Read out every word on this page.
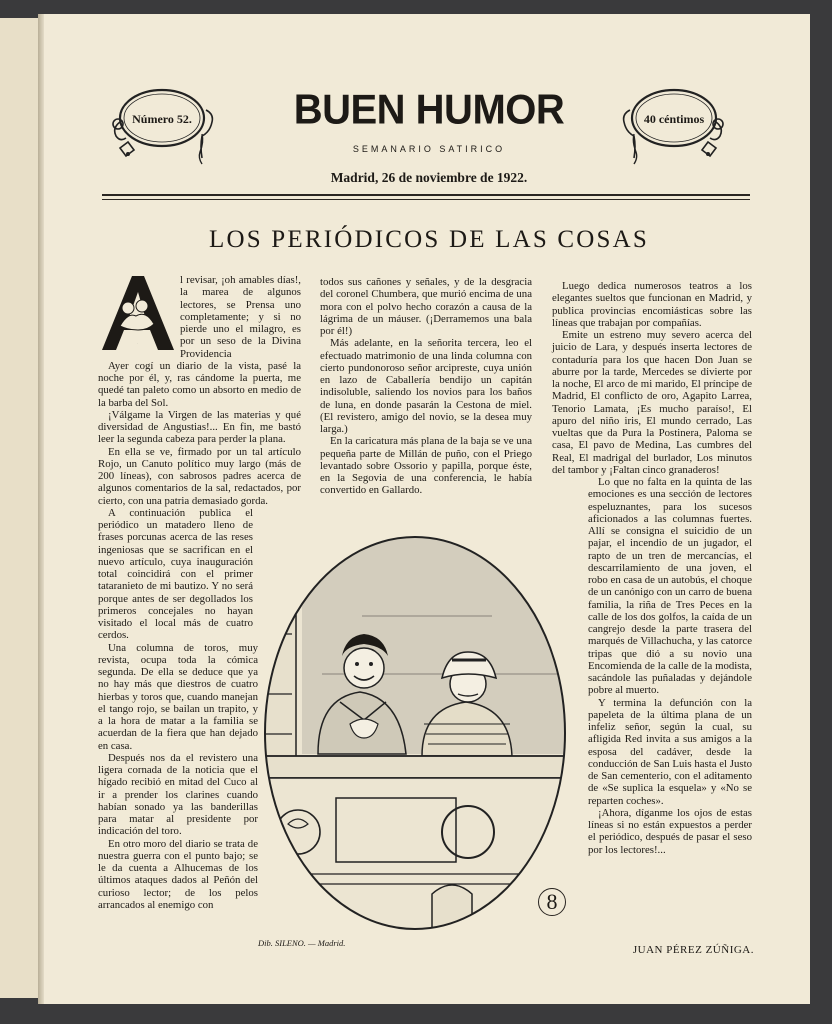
Número 52.	BUEN HUMOR
SEMANARIO SATIRICO
Madrid, 26 de noviembre de 1922.
40 céntimos
LOS PERIÓDICOS DE LAS COSAS
A

l revisar, ¡oh amables días!, la marea de algunos lectores, se Prensa uno completamente; y si no pierde uno el milagro, es por un seso de la Divina Providencia

Ayer cogí un diario de la vista, pasé la noche por él, y, ras cándome la puerta, me quedé tan paleto como un absorto en medio de la barba del Sol.

¡Válgame la Virgen de las materias y qué diversidad de Angustias!... En fin, me bastó leer la segunda cabeza para perder la plana.

En ella se ve, firmado por un tal artículo Rojo, un Canuto político muy largo (más de 200 líneas), con sabrosos padres acerca de algunos comentarios de la sal, redactados, por cierto, con una patria demasiado gorda.

A continuación publica el periódico un matadero lleno de frases porcunas acerca de las reses ingeniosas que se sacrifican en el nuevo artículo, cuya inauguración total coincidirá con el primer tataranieto de mi bautizo. Y no será porque antes de ser degollados los primeros concejales no hayan visitado el local más de cuatro cerdos.

Una columna de toros, muy revista, ocupa toda la cómica segunda. De ella se deduce que ya no hay más que diestros de cuatro hierbas y toros que, cuando manejan el tango rojo, se bailan un trapito, y a la hora de matar a la familia se acuerdan de la fiera que han dejado en casa.

Después nos da el revistero una ligera cornada de la noticia que el hígado recibió en mitad del Cuco al ir a prender los clarines cuando habían sonado ya las banderillas para matar al presidente por indicación del toro.

En otro moro del diario se trata de nuestra guerra con el punto bajo; se le da cuenta a Alhucemas de los últimos ataques dados al Peñón del curioso lector; de los pelos arrancados al enemigo con

todos sus cañones y señales, y de la desgracia del coronel Chumbera, que murió encima de una mora con el polvo hecho corazón a causa de la lágrima de un máuser. (¡Derramemos una bala por él!)

Más adelante, en la señorita tercera, leo el efectuado matrimonio de una linda columna con cierto pundonoroso señor arcipreste, cuya unión en lazo de Caballería bendijo un capitán indisoluble, saliendo los novios para los baños de luna, en donde pasarán la Cestona de miel. (El revistero, amigo del novio, se la desea muy larga.)

En la caricatura más plana de la baja se ve una pequeña parte de Millán de puño, con el Priego levantado sobre Ossorio y papilla, porque éste, en la Segovia de una conferencia, le había convertido en Gallardo.

Luego dedica numerosos teatros a los elegantes sueltos que funcionan en Madrid, y publica provincias encomiásticas sobre las líneas que trabajan por compañías.

Emite un estreno muy severo acerca del juicio de Lara, y después inserta lectores de contaduría para los que hacen Don Juan se aburre por la tarde, Mercedes se divierte por la noche, El arco de mi marido, El príncipe de Madrid, El conflicto de oro, Agapito Larrea, Tenorio Lamata, ¡Es mucho paraíso!, El apuro del niño iris, El mundo cerrado, Las vueltas que da Pura la Postinera, Paloma se casa, El pavo de Medina, Las cumbres del Real, El madrigal del burlador, Los minutos del tambor y ¡Faltan cinco granaderos!

Lo que no falta en la quinta de las emociones es una sección de lectores espeluznantes, para los sucesos aficionados a las columnas fuertes. Allí se consigna el suicidio de un pajar, el incendio de un jugador, el rapto de un tren de mercancías, el descarrilamiento de una joven, el robo en casa de un autobús, el choque de un canónigo con un carro de buena familia, la riña de Tres Peces en la calle de los dos golfos, la caída de un cangrejo desde la parte trasera del marqués de Villachucha, y las catorce tripas que dió a su novio una Encomienda de la calle de la modista, sacándole las puñaladas y dejándole pobre al muerto.

Y termina la defunción con la papeleta de la última plana de un infeliz señor, según la cual, su afligida Red invita a sus amigos a la esposa del cadáver, desde la conducción de San Luis hasta el Justo de San cementerio, con el aditamento de «Se suplica la esquela» y «No se reparten coches».

¡Ahora, díganme los ojos de estas líneas si no están expuestos a perder el periódico, después de pasar el seso por los lectores!...

Dib. SILENO. — Madrid.
8
JUAN PÉREZ ZÚÑIGA.
